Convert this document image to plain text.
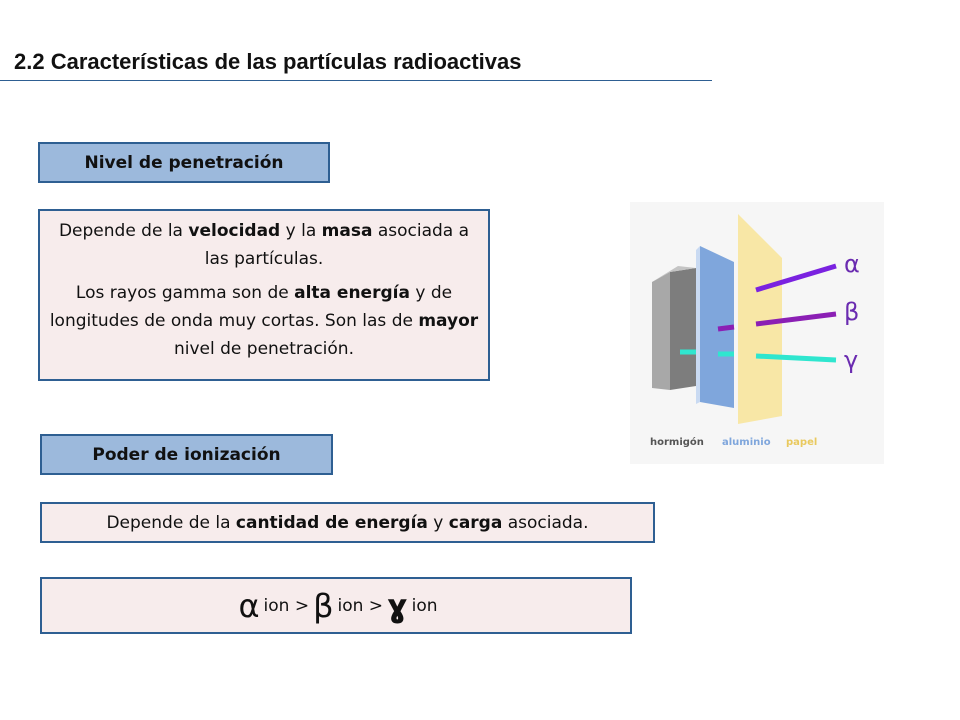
2.2 Características de las partículas radioactivas
Nivel de penetración

Depende de la velocidad y la masa asociada a las partículas.

Los rayos gamma son de alta energía y de longitudes de onda muy cortas. Son las de mayor nivel de penetración.

α
β
γ
hormigón aluminio papel
Poder de ionización
Depende de la cantidad de energía y carga asociada.
α ion > β ion > ɣ ion
